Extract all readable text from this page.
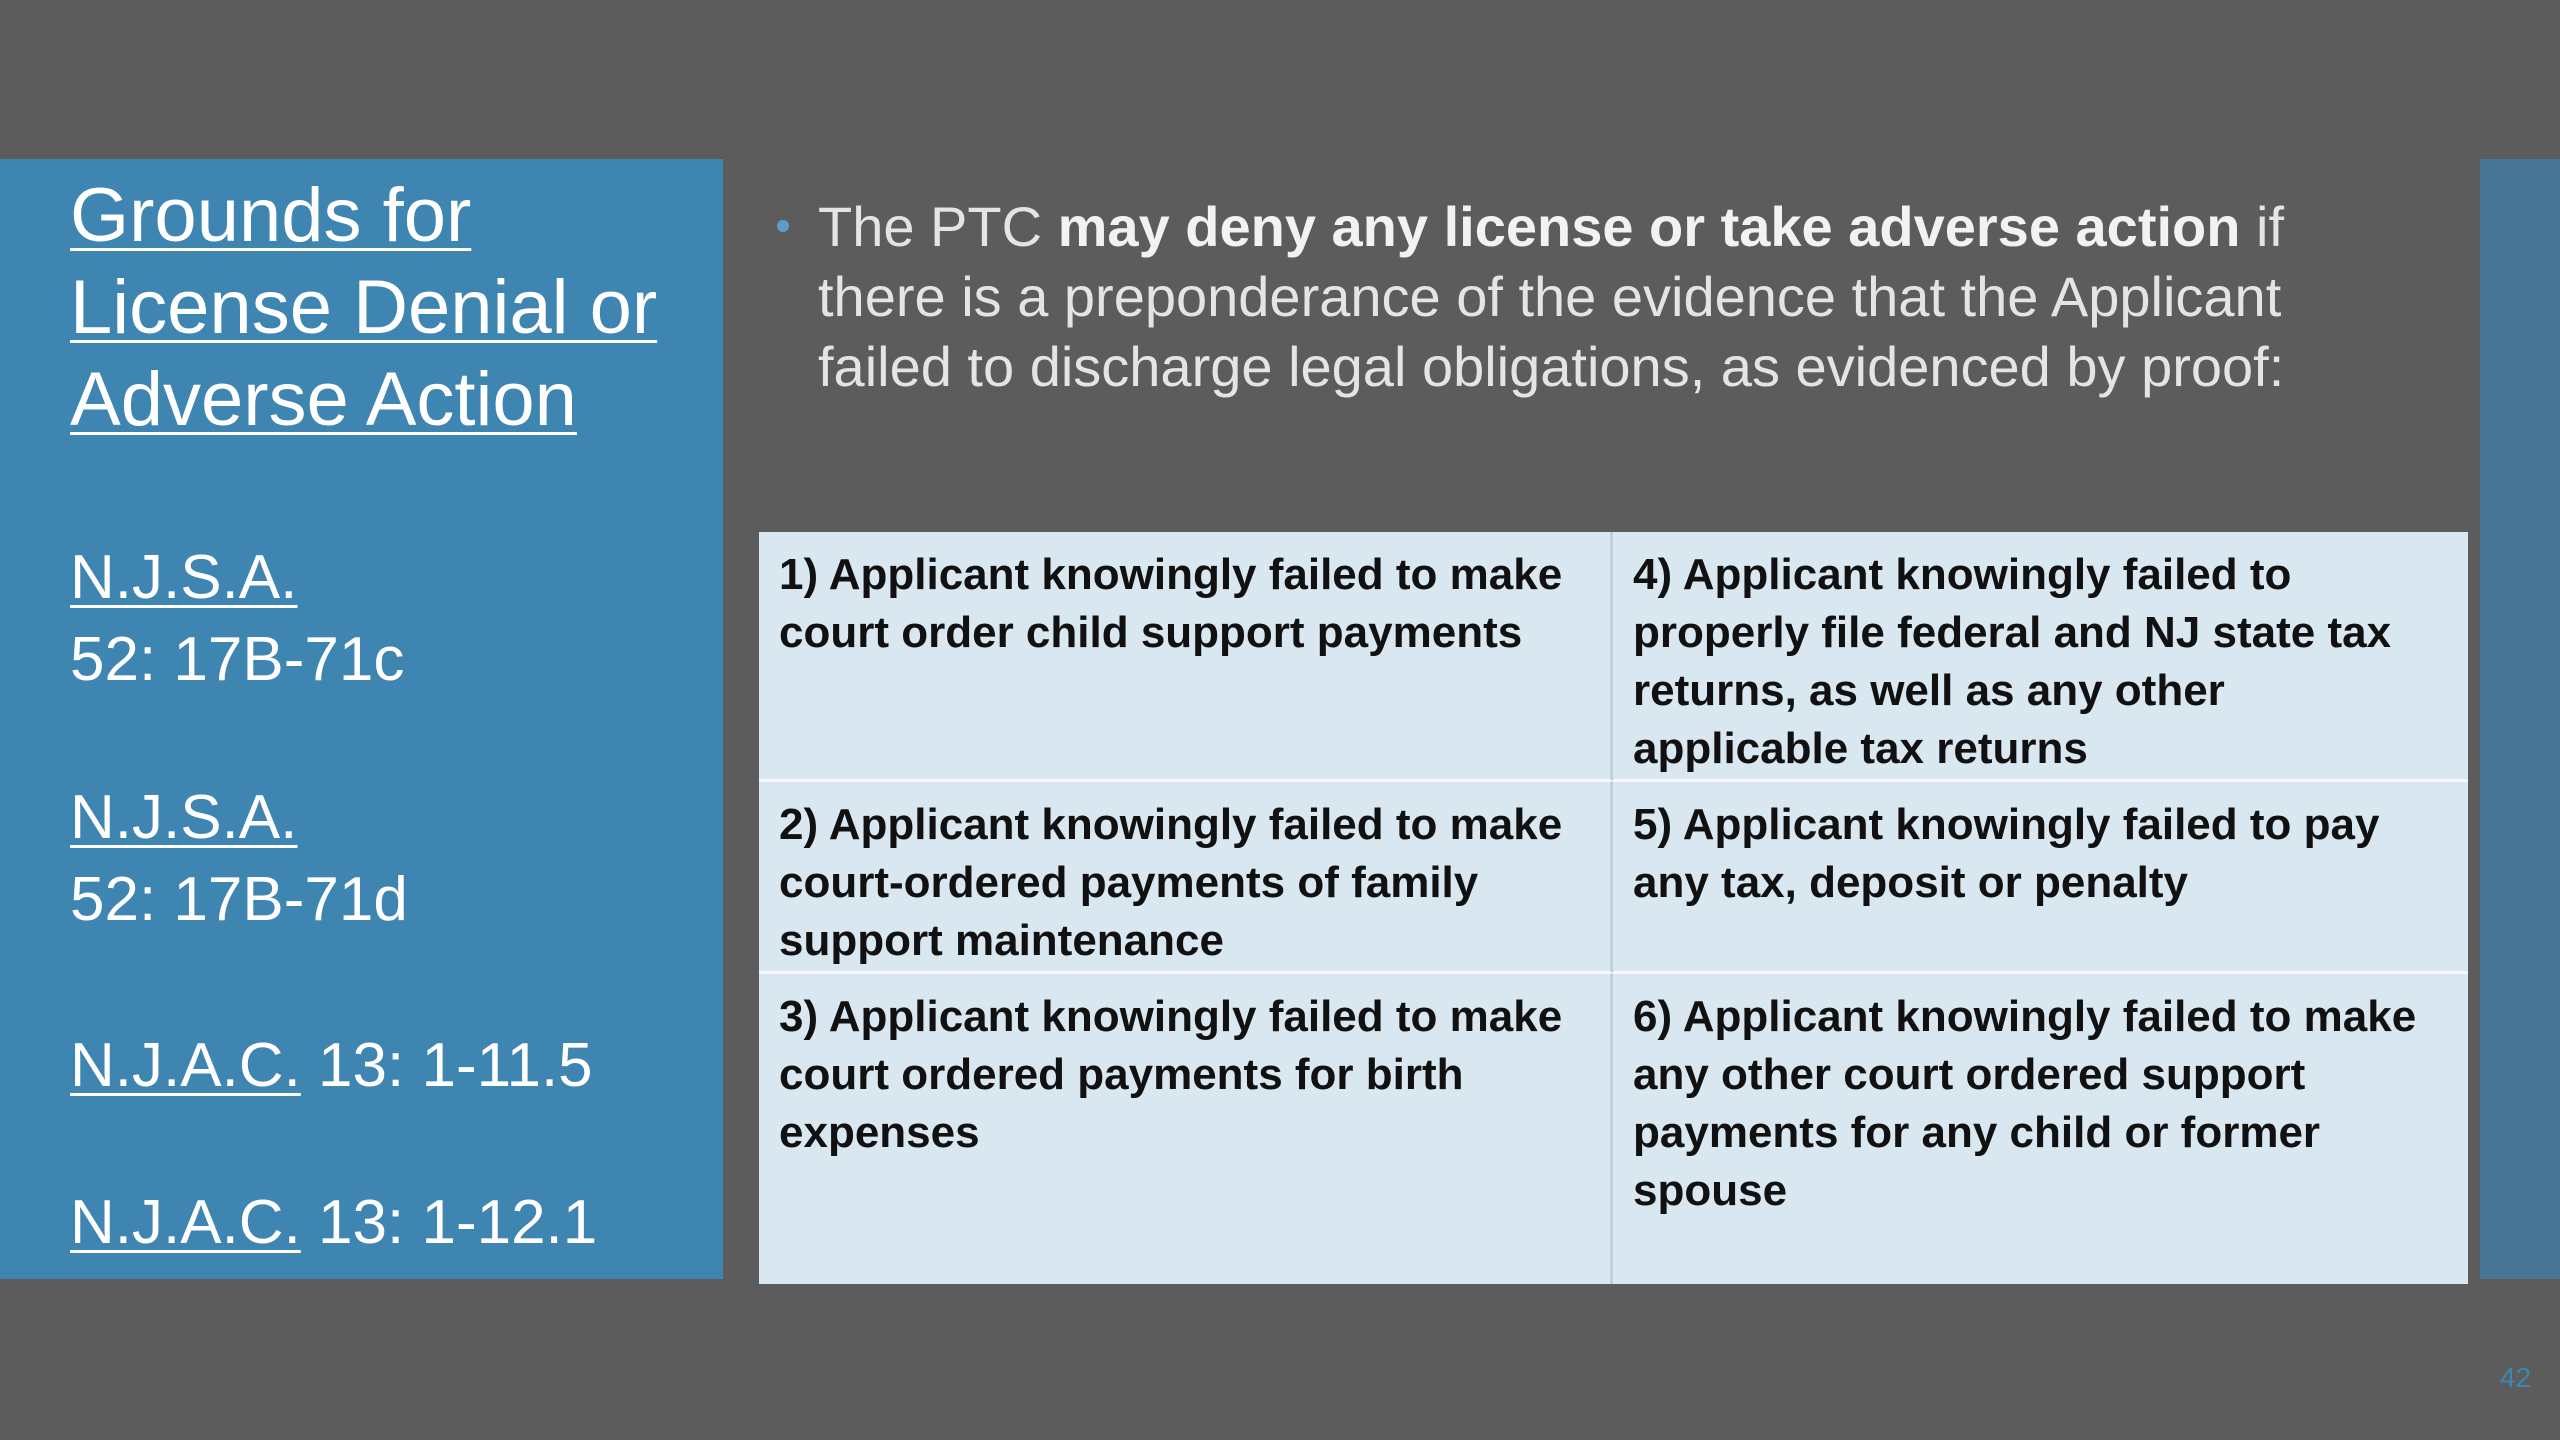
Grounds for License Denial or Adverse Action
N.J.S.A.
52: 17B-71c
N.J.S.A.
52: 17B-71d
N.J.A.C. 13: 1-11.5
N.J.A.C. 13: 1-12.1
The PTC may deny any license or take adverse action if there is a preponderance of the evidence that the Applicant failed to discharge legal obligations, as evidenced by proof:
1) Applicant knowingly failed to make court order child support payments
4) Applicant knowingly failed to properly file federal and NJ state tax returns, as well as any other applicable tax returns
2) Applicant knowingly failed to make court-ordered payments of family support maintenance
5) Applicant knowingly failed to pay any tax, deposit or penalty
3) Applicant knowingly failed to make court ordered payments for birth expenses
6) Applicant knowingly failed to make any other court ordered support payments for any child or former spouse
42
